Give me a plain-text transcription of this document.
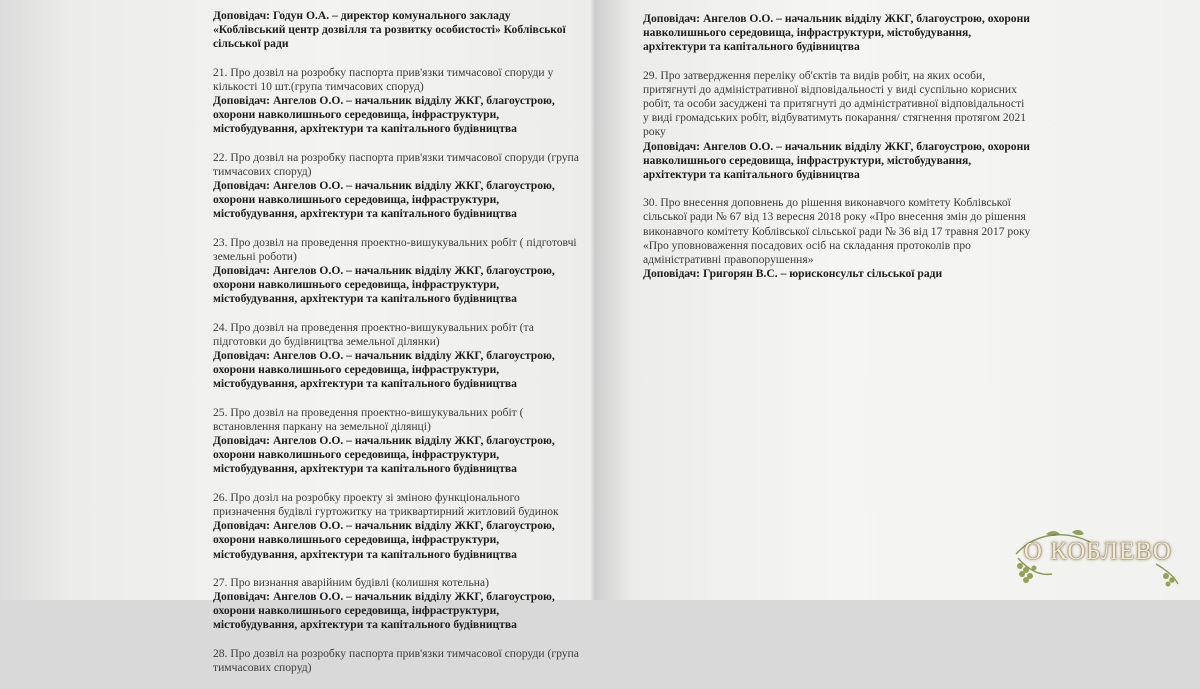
Доповідач: Годун О.А. – директор комунального закладу «Коблівський центр дозвілля та розвитку особистості» Коблівської сільської ради
21. Про дозвіл на розробку паспорта прив'язки тимчасової споруди у кількості 10 шт.(група тимчасових споруд)
Доповідач: Ангелов О.О. – начальник відділу ЖКГ, благоустрою, охорони навколишнього середовища, інфраструктури, містобудування, архітектури та капітального будівництва
22. Про дозвіл на розробку паспорта прив'язки тимчасової споруди (група тимчасових споруд)
Доповідач: Ангелов О.О. – начальник відділу ЖКГ, благоустрою, охорони навколишнього середовища, інфраструктури, містобудування, архітектури та капітального будівництва
23. Про дозвіл на проведення проектно-вишукувальних робіт ( підготовчі земельні роботи)
Доповідач: Ангелов О.О. – начальник відділу ЖКГ, благоустрою, охорони навколишнього середовища, інфраструктури, містобудування, архітектури та капітального будівництва
24. Про дозвіл на проведення проектно-вишукувальних робіт (та підготовки до будівництва земельної ділянки)
Доповідач: Ангелов О.О. – начальник відділу ЖКГ, благоустрою, охорони навколишнього середовища, інфраструктури, містобудування, архітектури та капітального будівництва
25. Про дозвіл на проведення проектно-вишукувальних робіт ( встановлення паркану на земельної ділянці)
Доповідач: Ангелов О.О. – начальник відділу ЖКГ, благоустрою, охорони навколишнього середовища, інфраструктури, містобудування, архітектури та капітального будівництва
26. Про дозіл на розробку проекту зі зміною функціонального призначення будівлі гуртожитку на триквартирний житловий будинок
Доповідач: Ангелов О.О. – начальник відділу ЖКГ, благоустрою, охорони навколишнього середовища, інфраструктури, містобудування, архітектури та капітального будівництва
27. Про визнання аварійним будівлі (колишня котельна)
Доповідач: Ангелов О.О. – начальник відділу ЖКГ, благоустрою, охорони навколишнього середовища, інфраструктури, містобудування, архітектури та капітального будівництва
28. Про дозвіл на розробку паспорта прив'язки тимчасової споруди (група тимчасових споруд)
Доповідач: Ангелов О.О. – начальник відділу ЖКГ, благоустрою, охорони навколишнього середовища, інфраструктури, містобудування, архітектури та капітального будівництва
29. Про затвердження переліку об'єктів та видів робіт, на яких особи, притягнуті до адміністративної відповідальності у виді суспільно корисних робіт, та особи засуджені та притягнуті до адміністративної відповідальності у виді громадських робіт, відбуватимуть покарання/ стягнення протягом 2021 року
Доповідач: Ангелов О.О. – начальник відділу ЖКГ, благоустрою, охорони навколишнього середовища, інфраструктури, містобудування, архітектури та капітального будівництва
30. Про внесення доповнень до рішення виконавчого комітету Коблівської сільської ради № 67 від 13 вересня 2018 року «Про внесення змін до рішення виконавчого комітету Коблівської сільської ради № 36 від 17 травня 2017 року «Про уповноваження посадових осіб на складання протоколів про адміністративні правопорушення»
Доповідач: Григорян В.С. – юрисконсульт сільської ради
О КОБЛЕВО
